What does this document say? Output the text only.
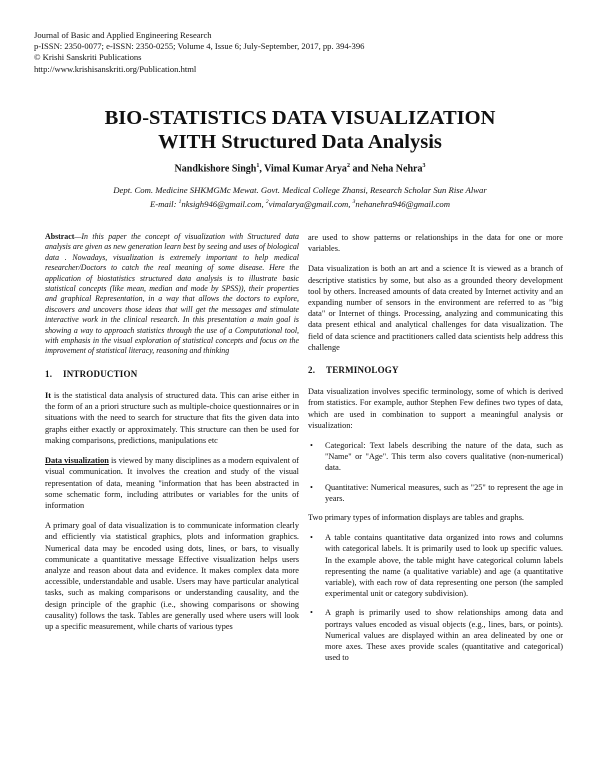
Journal of Basic and Applied Engineering Research
p-ISSN: 2350-0077; e-ISSN: 2350-0255; Volume 4, Issue 6; July-September, 2017, pp. 394-396
© Krishi Sanskriti Publications
http://www.krishisanskriti.org/Publication.html
BIO-STATISTICS DATA VISUALIZATION
WITH Structured Data Analysis
Nandkishore Singh$^1$, Vimal Kumar Arya$^2$ and Neha Nehra$^3$
Dept. Com. Medicine SHKMGMc Mewat. Govt. Medical College Zhansi, Research Scholar Sun Rise Alwar
E-mail: $^1$nksigh946@gmail.com, $^2$vimalarya@gmail.com, $^3$nehanehra946@gmail.com

Abstract—In this paper the concept of visualization with Structured data analysis are given as new generation learn best by seeing and uses of biological data . Nowadays, visualization is extremely important to help medical researcher/Doctors to catch the real meaning of some disease. Here the application of biostatistics structured data analysis is to illustrate basic statistical concepts (like mean, median and mode by SPSS)), their properties and graphical Representation, in a way that allows the doctors to explore, discovers and uncovers those ideas that will get the messages and stimulate interactive work in the clinical research. In this presentation a main goal is showing a way to approach statistics through the use of a Computational tool, with emphasis in the visual exploration of statistical concepts and focus on the improvement of statistical literacy, reasoning and thinking

1. INTRODUCTION

It is the statistical data analysis of structured data. This can arise either in the form of an a priori structure such as multiple-choice questionnaires or in situations with the need to search for structure that fits the given data into graphs either exactly or approximately. This structure can then be used for making comparisons, predictions, manipulations etc

Data visualization is viewed by many disciplines as a modern equivalent of visual communication. It involves the creation and study of the visual representation of data, meaning "information that has been abstracted in some schematic form, including attributes or variables for the units of information

A primary goal of data visualization is to communicate information clearly and efficiently via statistical graphics, plots and information graphics. Numerical data may be encoded using dots, lines, or bars, to visually communicate a quantitative message Effective visualization helps users analyze and reason about data and evidence. It makes complex data more accessible, understandable and usable. Users may have particular analytical tasks, such as making comparisons or understanding causality, and the design principle of the graphic (i.e., showing comparisons or showing causality) follows the task. Tables are generally used where users will look up a specific measurement, while charts of various types

are used to show patterns or relationships in the data for one or more variables.

Data visualization is both an art and a science It is viewed as a branch of descriptive statistics by some, but also as a grounded theory development tool by others. Increased amounts of data created by Internet activity and an expanding number of sensors in the environment are referred to as "big data" or Internet of things. Processing, analyzing and communicating this data present ethical and analytical challenges for data visualization. The field of data science and practitioners called data scientists help address this challenge

2. TERMINOLOGY

Data visualization involves specific terminology, some of which is derived from statistics. For example, author Stephen Few defines two types of data, which are used in combination to support a meaningful analysis or visualization:

• Categorical: Text labels describing the nature of the data, such as "Name" or "Age". This term also covers qualitative (non-numerical) data.
• Quantitative: Numerical measures, such as "25" to represent the age in years.

Two primary types of information displays are tables and graphs.

• A table contains quantitative data organized into rows and columns with categorical labels. It is primarily used to look up specific values. In the example above, the table might have categorical column labels representing the name (a qualitative variable) and age (a quantitative variable), with each row of data representing one person (the sampled experimental unit or category subdivision).
• A graph is primarily used to show relationships among data and portrays values encoded as visual objects (e.g., lines, bars, or points). Numerical values are displayed within an area delineated by one or more axes. These axes provide scales (quantitative and categorical) used to
